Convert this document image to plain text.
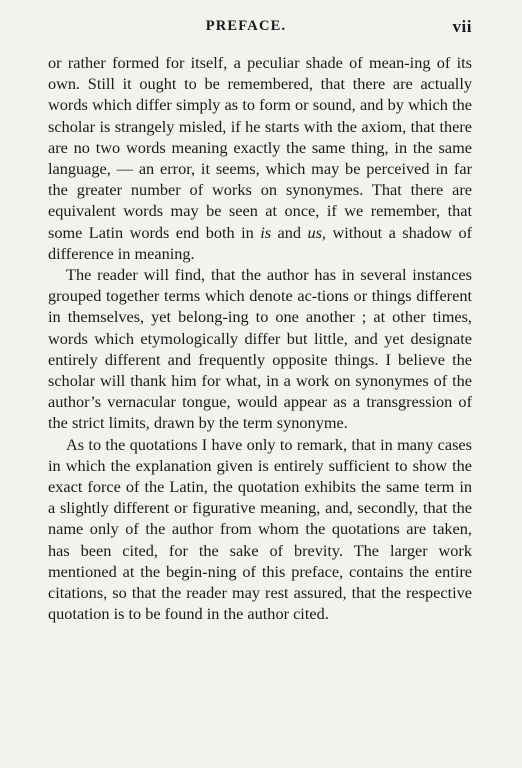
PREFACE.	vii

or rather formed for itself, a peculiar shade of mean-ing of its own. Still it ought to be remembered, that there are actually words which differ simply as to form or sound, and by which the scholar is strangely misled, if he starts with the axiom, that there are no two words meaning exactly the same thing, in the same language, — an error, it seems, which may be perceived in far the greater number of works on synonymes. That there are equivalent words may be seen at once, if we remember, that some Latin words end both in is and us, without a shadow of difference in meaning.

The reader will find, that the author has in several instances grouped together terms which denote ac-tions or things different in themselves, yet belong-ing to one another ; at other times, words which etymologically differ but little, and yet designate entirely different and frequently opposite things. I believe the scholar will thank him for what, in a work on synonymes of the author’s vernacular tongue, would appear as a transgression of the strict limits, drawn by the term synonyme.

As to the quotations I have only to remark, that in many cases in which the explanation given is entirely sufficient to show the exact force of the Latin, the quotation exhibits the same term in a slightly different or figurative meaning, and, secondly, that the name only of the author from whom the quotations are taken, has been cited, for the sake of brevity. The larger work mentioned at the begin-ning of this preface, contains the entire citations, so that the reader may rest assured, that the respective quotation is to be found in the author cited.
